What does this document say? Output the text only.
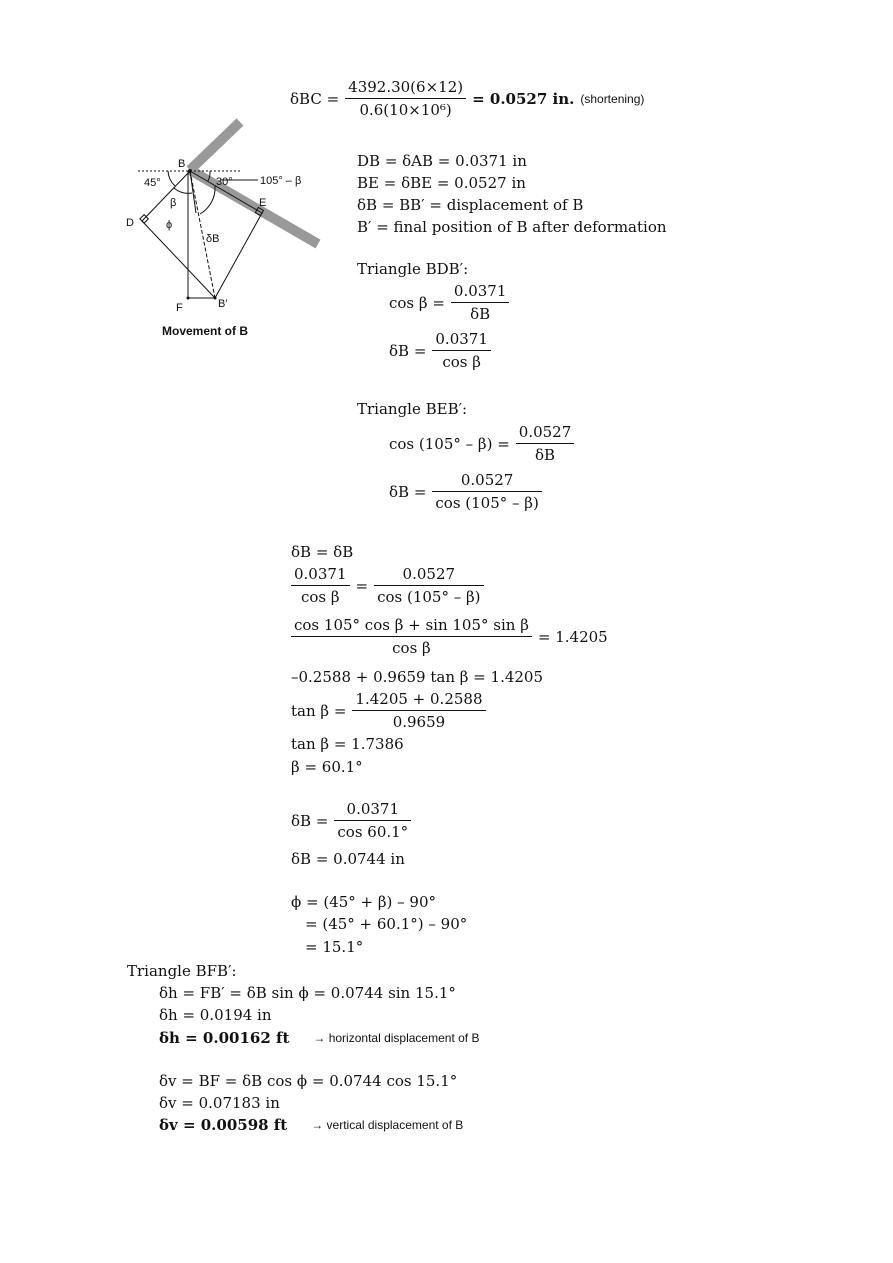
$\delta BC = \frac{4392.30(6\times 12)}{\text{0.6(10×10⁶)}} = 0.0527$ in. (shortening)
B
D
E
F	B′
45°	30° 105° – β
β
ϕ
δB
Movement of B
DB = δAB = 0.0371 in
BE = δBE = 0.0527 in
δB = BB′ = displacement of B
B′ = final position of B after deformation
Triangle BDB′:
$\cos \beta = \frac{0.0371}{\delta B}$
$\delta B = \frac{0.0371}{\text{cos β}}$
Triangle BEB′:
$\cos (105^\circ - \beta) = \frac{0.0527}{\delta B}$
$\delta B = \frac{0.0527}{\cos (105^\circ - \beta)}$
δB = δB
$\frac{0.0371}{\text{cos β}} = \frac{0.0527}{\cos (105^\circ - \beta)}$
$\frac{\text{cos 105° cos β + sin 105° sin β}}{\text{cos β}} = 1.4205$
–0.2588 + 0.9659 tan β = 1.4205
$\tan \beta = \frac{1.4205 + 0.2588}{0.9659}$
tan β = 1.7386
β = 60.1°
$\delta B = \frac{0.0371}{\cos 60.1^\circ}$
δB = 0.0744 in
ϕ = (45° + β) – 90°
= (45° + 60.1°) – 90°
= 15.1°
Triangle BFB′:
δh = FB′ = δB sin ϕ = 0.0744 sin 15.1°
δh = 0.0194 in
δh = 0.00162 ft → horizontal displacement of B
δv = BF = δB cos ϕ = 0.0744 cos 15.1°
δv = 0.07183 in
δv = 0.00598 ft → vertical displacement of B
